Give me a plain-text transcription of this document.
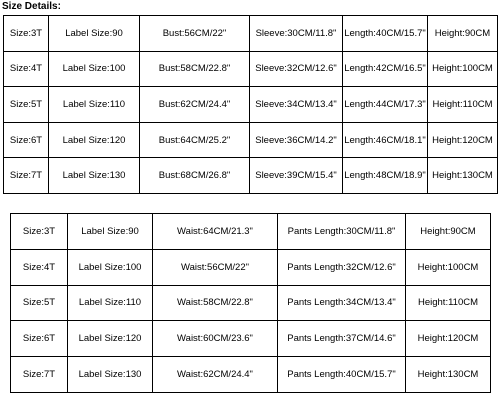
Size Details:
Size:3T	Label Size:90	Bust:56CM/22"	Sleeve:30CM/11.8"	Length:40CM/15.7"	Height:90CM
Size:4T	Label Size:100	Bust:58CM/22.8"	Sleeve:32CM/12.6"	Length:42CM/16.5"	Height:100CM
Size:5T	Label Size:110	Bust:62CM/24.4"	Sleeve:34CM/13.4"	Length:44CM/17.3"	Height:110CM
Size:6T	Label Size:120	Bust:64CM/25.2"	Sleeve:36CM/14.2"	Length:46CM/18.1"	Height:120CM
Size:7T	Label Size:130	Bust:68CM/26.8"	Sleeve:39CM/15.4"	Length:48CM/18.9"	Height:130CM
Size:3T	Label Size:90	Waist:64CM/21.3"	Pants Length:30CM/11.8"	Height:90CM
Size:4T	Label Size:100	Waist:56CM/22"	Pants Length:32CM/12.6"	Height:100CM
Size:5T	Label Size:110	Waist:58CM/22.8"	Pants Length:34CM/13.4"	Height:110CM
Size:6T	Label Size:120	Waist:60CM/23.6"	Pants Length:37CM/14.6"	Height:120CM
Size:7T	Label Size:130	Waist:62CM/24.4"	Pants Length:40CM/15.7"	Height:130CM
